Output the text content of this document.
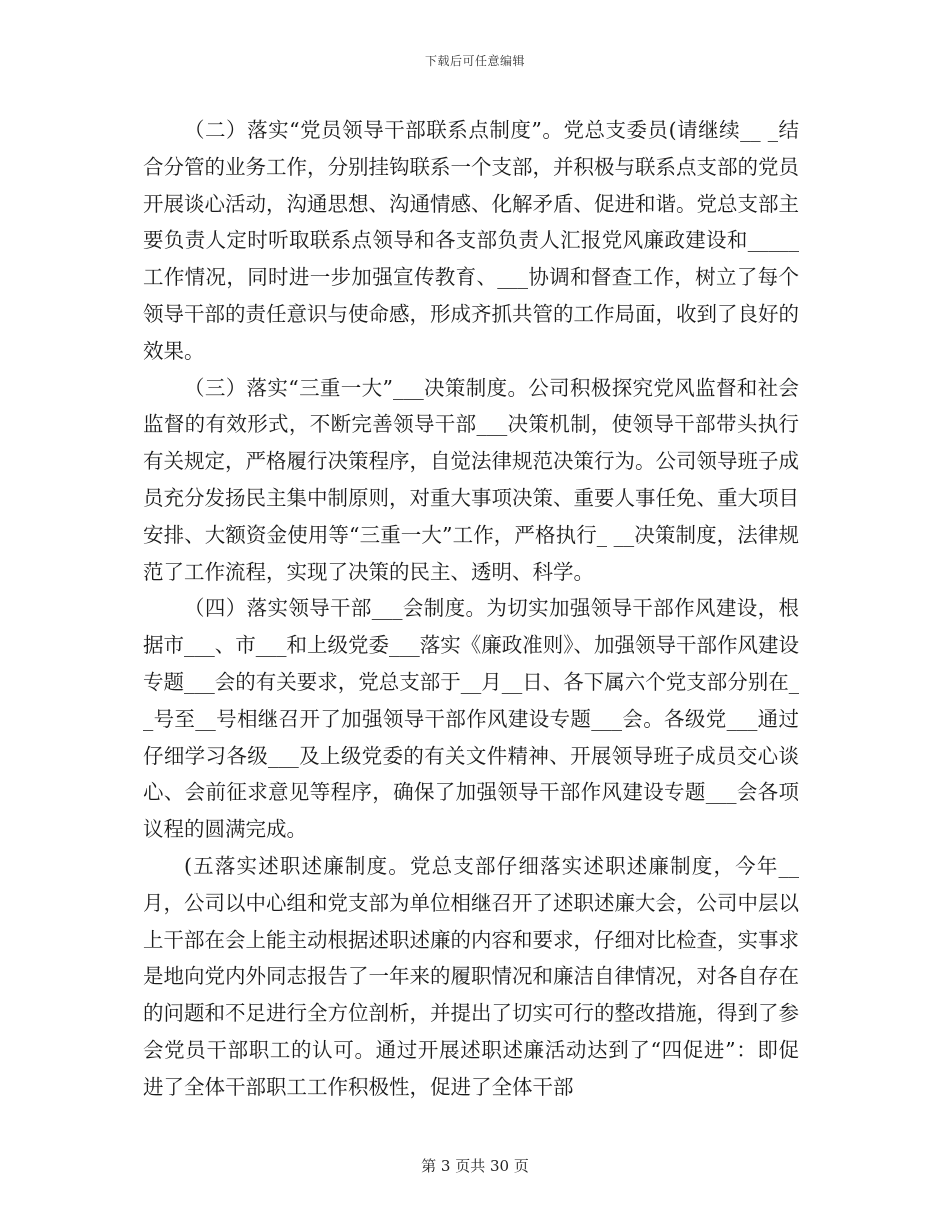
下载后可任意编辑

（二）落实“党员领导干部联系点制度”。党总支委员(请继续__ _结合分管的业务工作，分别挂钩联系一个支部，并积极与联系点支部的党员开展谈心活动，沟通思想、沟通情感、化解矛盾、促进和谐。党总支部主要负责人定时听取联系点领导和各支部负责人汇报党风廉政建设和_____工作情况，同时进一步加强宣传教育、___协调和督查工作，树立了每个领导干部的责任意识与使命感，形成齐抓共管的工作局面，收到了良好的效果。

（三）落实“三重一大”___决策制度。公司积极探究党风监督和社会监督的有效形式，不断完善领导干部___决策机制，使领导干部带头执行有关规定，严格履行决策程序，自觉法律规范决策行为。公司领导班子成员充分发扬民主集中制原则，对重大事项决策、重要人事任免、重大项目安排、大额资金使用等“三重一大”工作，严格执行_ __决策制度，法律规范了工作流程，实现了决策的民主、透明、科学。

（四）落实领导干部___会制度。为切实加强领导干部作风建设，根据市___、市___和上级党委___落实《廉政准则》、加强领导干部作风建设专题___会的有关要求，党总支部于__月__日、各下属六个党支部分别在__号至__号相继召开了加强领导干部作风建设专题___会。各级党___通过仔细学习各级___及上级党委的有关文件精神、开展领导班子成员交心谈心、会前征求意见等程序，确保了加强领导干部作风建设专题___会各项议程的圆满完成。

(五落实述职述廉制度。党总支部仔细落实述职述廉制度，今年__月，公司以中心组和党支部为单位相继召开了述职述廉大会，公司中层以上干部在会上能主动根据述职述廉的内容和要求，仔细对比检查，实事求是地向党内外同志报告了一年来的履职情况和廉洁自律情况，对各自存在的问题和不足进行全方位剖析，并提出了切实可行的整改措施，得到了参会党员干部职工的认可。通过开展述职述廉活动达到了“四促进”：即促进了全体干部职工工作积极性，促进了全体干部

第 3 页共 30 页
